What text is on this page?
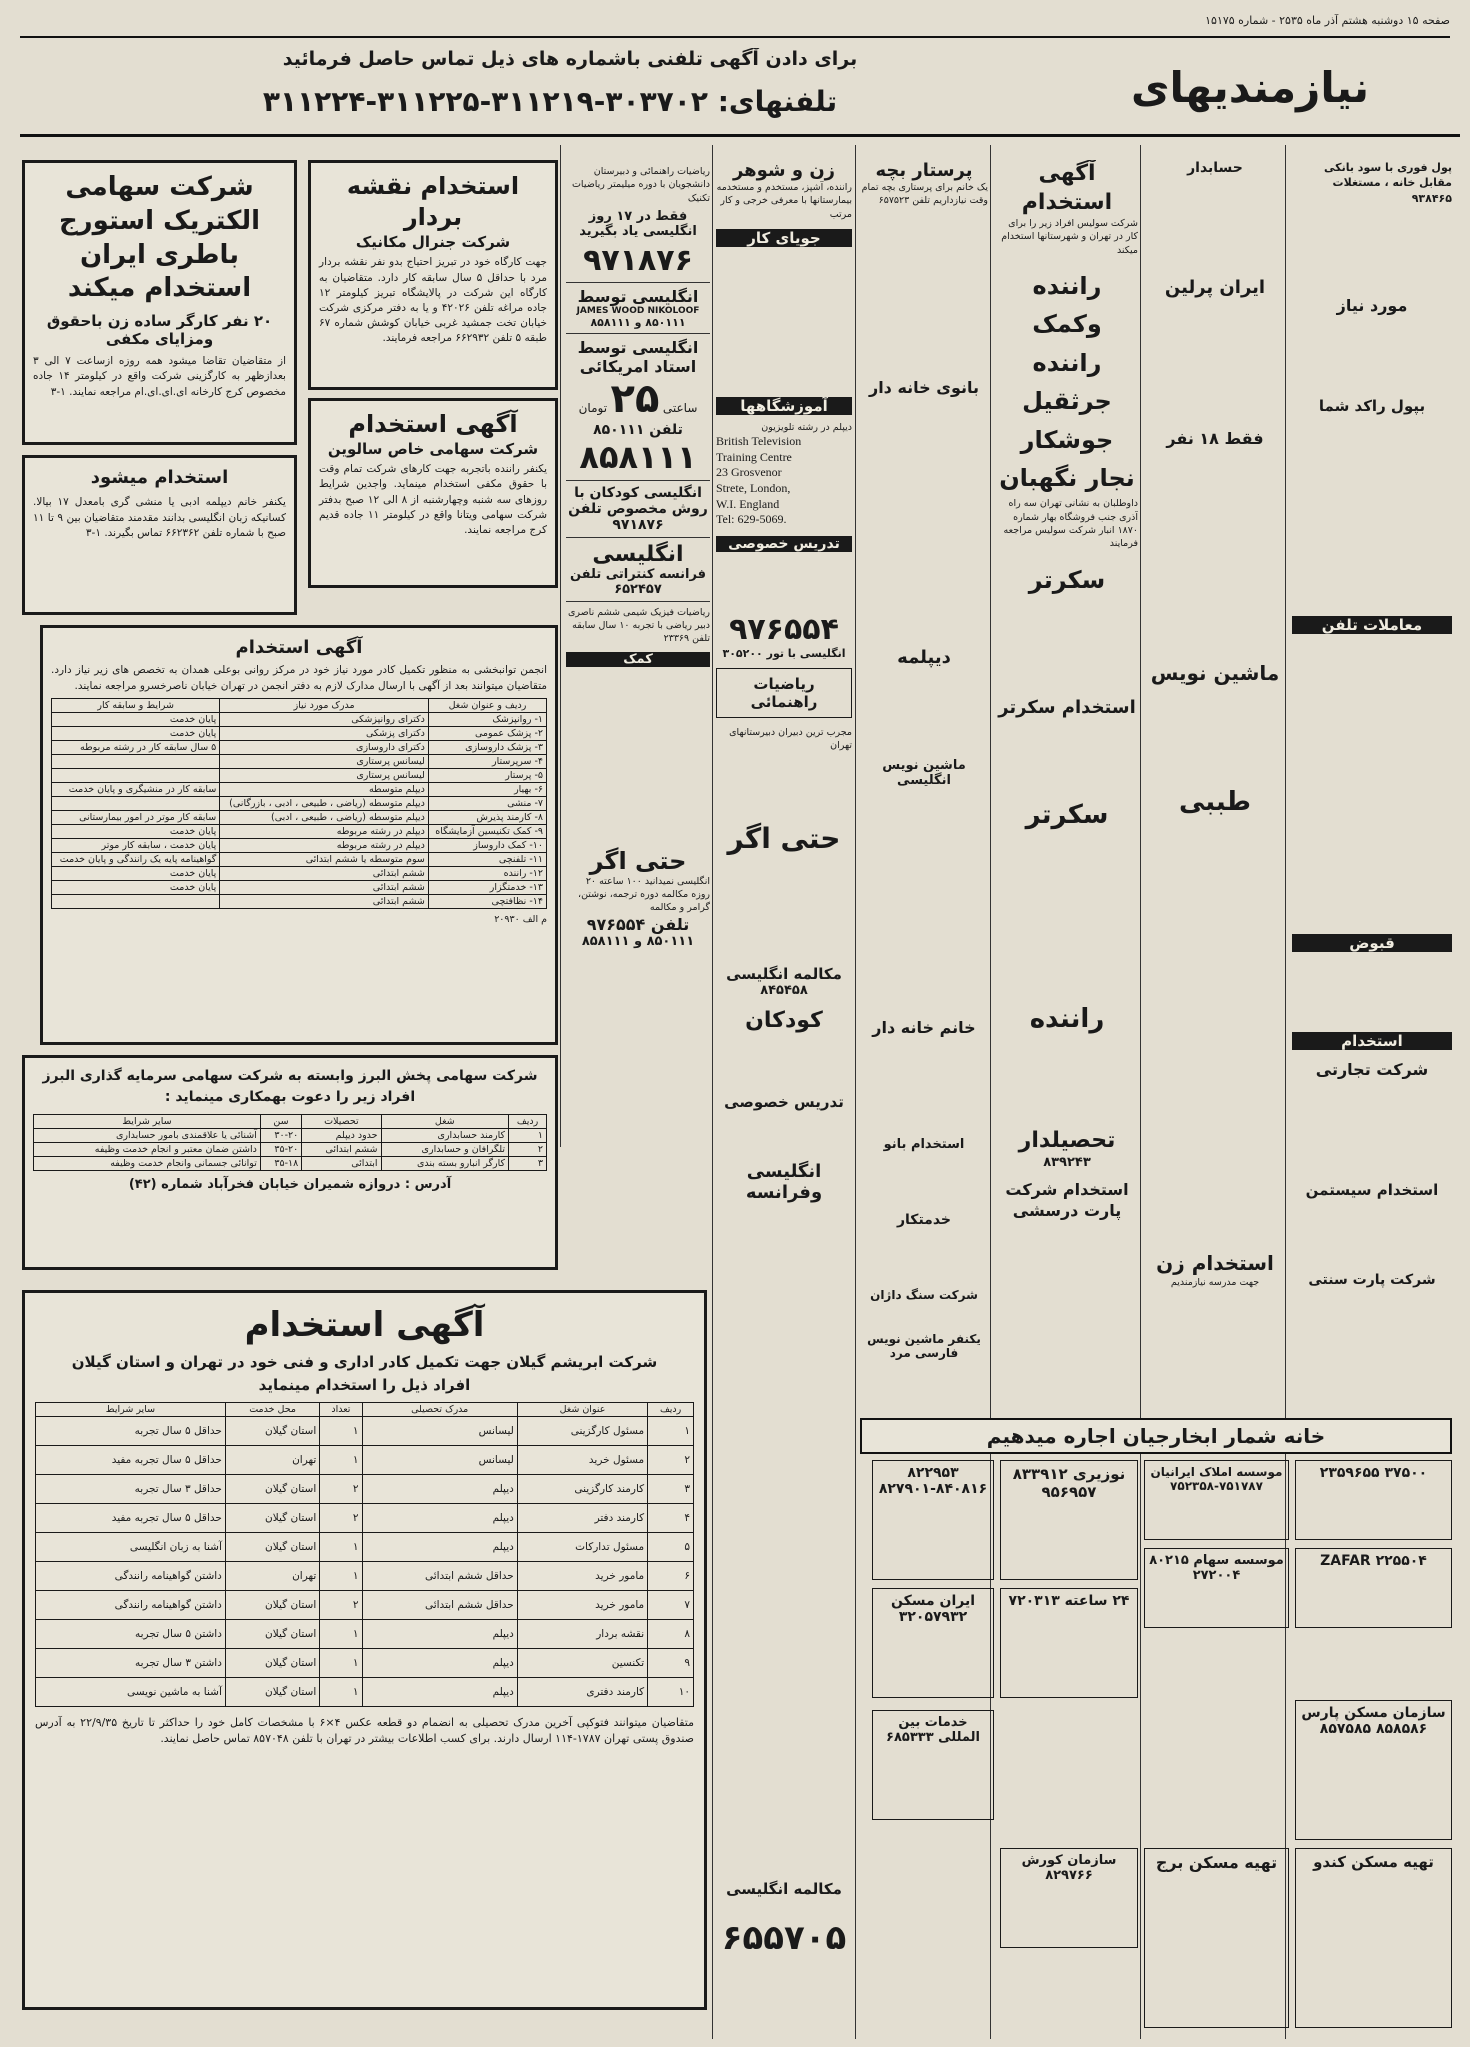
صفحه ۱۵ دوشنبه هشتم آذر ماه ۲۵۳۵ - شماره ۱۵۱۷۵
نیازمندیهای
برای دادن آگهی تلفنی باشماره های ذیل تماس حاصل فرمائید
تلفنهای: ۳۰۳۷۰۲-۳۱۱۲۱۹-۳۱۱۲۲۵-۳۱۱۲۲۴
شرکت سهامی الکتریک استورج باطری ایران استخدام میکند
۲۰ نفر کارگر ساده زن باحقوق ومزایای مکفی
از متقاضیان تقاضا میشود همه روزه ازساعت ۷ الی ۳ بعدازظهر به کارگزینی شرکت واقع در کیلومتر ۱۴ جاده مخصوص کرج کارخانه ای.ای.ای.ام مراجعه نمایند. ۱-۳
استخدام میشود
یکنفر خانم دیپلمه ادبی یا منشی گری بامعدل ۱۷ بیالا. کسانیکه زبان انگلیسی بدانند مقدمند متقاضیان بین ۹ تا ۱۱ صبح با شماره تلفن ۶۶۲۳۶۲ تماس بگیرند. ۱-۳
استخدام نقشه بردار
شرکت جنرال مکانیک
جهت کارگاه خود در تبریز احتیاج بدو نفر نقشه بردار مرد با حداقل ۵ سال سابقه کار دارد. متقاضیان به کارگاه این شرکت در پالایشگاه تبریز کیلومتر ۱۲ جاده مراغه تلفن ۴۲۰۲۶ و یا به دفتر مرکزی شرکت خیابان تخت جمشید غربی خیابان کوشش شماره ۶۷ طبقه ۵ تلفن ۶۶۲۹۳۲ مراجعه فرمایند.
آگهی استخدام
شرکت سهامی خاص سالوین
یکنفر راننده باتجربه جهت کارهای شرکت تمام وقت با حقوق مکفی استخدام مینماید. واجدین شرایط روزهای سه شنبه وچهارشنبه از ۸ الی ۱۲ صبح بدفتر شرکت سهامی ویتانا واقع در کیلومتر ۱۱ جاده قدیم کرج مراجعه نمایند.
آگهی استخدام
انجمن توانبخشی به منظور تکمیل کادر مورد نیاز خود در مرکز روانی بوعلی همدان به تخصص های زیر نیاز دارد. متقاضیان میتوانند بعد از آگهی با ارسال مدارک لازم به دفتر انجمن در تهران خیابان ناصرخسرو مراجعه نمایند.
ردیف و عنوان شغل	مدرک مورد نیاز	شرایط و سابقه کار
۱- روانپزشک	دکترای روانپزشکی	پایان خدمت
۲- پزشک عمومی	دکترای پزشکی	پایان خدمت
۳- پزشک داروسازی	دکترای داروسازی	۵ سال سابقه کار در رشته مربوطه
۴- سرپرستار	لیسانس پرستاری	
۵- پرستار	لیسانس پرستاری	
۶- بهیار	دیپلم متوسطه	سابقه کار در منشیگری و پایان خدمت
۷- منشی	دیپلم متوسطه (ریاضی ، طبیعی ، ادبی ، بازرگانی)	
۸- کارمند پذیرش	دیپلم متوسطه (ریاضی ، طبیعی ، ادبی)	سابقه کار موتر در امور بیمارستانی
۹- کمک تکنیسین آزمایشگاه	دیپلم در رشته مربوطه	پایان خدمت
۱۰- کمک داروساز	دیپلم در رشته مربوطه	پایان خدمت ، سابقه کار موتر
۱۱- تلفنچی	سوم متوسطه یا ششم ابتدائی	گواهینامه پایه یک رانندگی و پایان خدمت
۱۲- راننده	ششم ابتدائی	پایان خدمت
۱۳- خدمتگزار	ششم ابتدائی	پایان خدمت
۱۴- نظافتچی	ششم ابتدائی	
م الف ۲۰۹۳۰
شرکت سهامی پخش البرز وابسته به شرکت سهامی سرمایه گذاری البرز افراد زیر را دعوت بهمکاری مینماید :
ردیف	شغل	تحصیلات	سن	سایر شرایط
۱	کارمند حسابداری	حدود دیپلم	۳۰-۲۰	آشنائی یا علاقمندی بامور حسابداری
۲	تلگرافان و حسابداری	ششم ابتدائی	۳۵-۲۰	داشتن ضمان معتبر و انجام خدمت وظیفه
۳	کارگر انبارو بسته بندی	ابتدائی	۳۵-۱۸	توانائی جسمانی وانجام خدمت وظیفه
آدرس : دروازه شمیران خیابان فخرآباد شماره (۴۲)
آگهی استخدام
شرکت ابریشم گیلان جهت تکمیل کادر اداری و فنی خود در تهران و استان گیلان افراد ذیل را استخدام مینماید
ردیف	عنوان شغل	مدرک تحصیلی	تعداد	محل خدمت	سایر شرایط
۱	مسئول کارگزینی	لیسانس	۱	استان گیلان	حداقل ۵ سال تجربه
۲	مسئول خرید	لیسانس	۱	تهران	حداقل ۵ سال تجربه مفید
۳	کارمند کارگزینی	دیپلم	۲	استان گیلان	حداقل ۳ سال تجربه
۴	کارمند دفتر	دیپلم	۲	استان گیلان	حداقل ۵ سال تجربه مفید
۵	مسئول تدارکات	دیپلم	۱	استان گیلان	آشنا به زبان انگلیسی
۶	مامور خرید	حداقل ششم ابتدائی	۱	تهران	داشتن گواهینامه رانندگی
۷	مامور خرید	حداقل ششم ابتدائی	۲	استان گیلان	داشتن گواهینامه رانندگی
۸	نقشه بردار	دیپلم	۱	استان گیلان	داشتن ۵ سال تجربه
۹	تکنسین	دیپلم	۱	استان گیلان	داشتن ۳ سال تجربه
۱۰	کارمند دفتری	دیپلم	۱	استان گیلان	آشنا به ماشین نویسی
متقاضیان میتوانند فتوکپی آخرین مدرک تحصیلی به انضمام دو قطعه عکس ۴×۶ با مشخصات کامل خود را حداکثر تا تاریخ ۲۲/۹/۳۵ به آدرس صندوق پستی تهران ۱۷۸۷-۱۱۴ ارسال دارند. برای کسب اطلاعات بیشتر در تهران با تلفن ۸۵۷۰۴۸ تماس حاصل نمایند.
ریاضیات راهنمائی و دبیرستان دانشجویان با دوره میلیمتر ریاضیات تکنیک
فقط در ۱۷ روز انگلیسی یاد بگیرید
۹۷۱۸۷۶
انگلیسی توسط
JAMES WOOD NIKOLOOF
۸۵۰۱۱۱ و ۸۵۸۱۱۱
انگلیسی توسط استاد امریکائی
ساعتی ۲۵ تومان
تلفن ۸۵۰۱۱۱
۸۵۸۱۱۱
انگلیسی کودکان با روش مخصوص تلفن ۹۷۱۸۷۶
انگلیسی
فرانسه کنتراتی تلفن ۶۵۲۴۵۷
ریاضیات فیزیک شیمی ششم ناصری دبیر ریاضی با تجربه ۱۰ سال سابقه تلفن ۲۳۳۶۹
کمک
حتی اگر
انگلیسی نمیدانید ۱۰۰ ساعته ۲۰ روزه مکالمه دوره ترجمه، نوشتن، گرامر و مکالمه
تلفن ۹۷۶۵۵۴
۸۵۰۱۱۱ و ۸۵۸۱۱۱
زن و شوهر
راننده، آشپز، مستخدم و مستخدمه بیمارستانها با معرفی خرجی و کار مرتب
جویای کار
آموزشگاهها
دیپلم در رشته تلویزیون
British Television
Training Centre
23 Grosvenor
Strete, London,
W.I. England
Tel: 629-5069.
تدریس خصوصی
۹۷۶۵۵۴
انگلیسی با تور ۳۰۵۲۰۰
ریاضیات راهنمائی
مجرب ترین دبیران دبیرستانهای تهران
حتی اگر
مکالمه انگلیسی
۸۴۵۴۵۸
کودکان
تدریس خصوصی
انگلیسی وفرانسه
مکالمه انگلیسی
۶۵۵۷۰۵
پرستار بچه
یک خانم برای پرستاری بچه تمام وقت نیازداریم تلفن ۶۵۷۵۲۳
بانوی خانه دار
دیپلمه
ماشین نویس انگلیسی
خانم خانه دار
استخدام بانو
خدمتکار
شرکت سنگ داژان
یکنفر ماشین نویس فارسی مرد
آگهی استخدام
شرکت سولیس افراد زیر را برای کار در تهران و شهرستانها استخدام میکند
راننده وکمک راننده جرثقیل جوشکار نجار نگهبان
داوطلبان به نشانی تهران سه راه آذری جنب فروشگاه بهار شماره ۱۸۷۰ انبار شرکت سولیس مراجعه فرمایند
سکرتر
استخدام سکرتر
سکرتر
راننده
تحصیلدار
۸۳۹۲۴۳
استخدام شرکت پارت درسشی
حسابدار
ایران پرلین
فقط ۱۸ نفر
ماشین نویس
طببی
استخدام زن
جهت مدرسه نیازمندیم
پول فوری با سود بانکی مقابل خانه ، مستغلات ۹۳۸۴۶۵
مورد نیاز
بپول راکد شما
معاملات تلفن
قبوض
استخدام
شرکت تجارتی
استخدام سیستمن
شرکت پارت سنتی
خانه شمار ابخارجیان اجاره میدهیم
۳۷۵۰۰ ۲۳۵۹۶۵۵
موسسه املاک ایرانیان ۷۵۱۷۸۷-۷۵۲۳۵۸
نوزیری ۸۳۳۹۱۲ ۹۵۶۹۵۷
۸۲۲۹۵۳ ۸۲۷۹۰۱-۸۴۰۸۱۶
موسسه سهام ۸۰۲۱۵ ۲۷۲۰۰۴
ZAFAR ۲۲۵۵۰۴
ایران مسکن ۳۲۰۵۷۹۳۲
۲۴ ساعته ۷۲۰۳۱۳
سازمان مسکن پارس ۸۵۸۵۸۶ ۸۵۷۵۸۵
خدمات بین المللی ۶۸۵۳۳۳
تهیه مسکن برج
سازمان کورش ۸۲۹۷۶۶
تهیه مسکن کندو
